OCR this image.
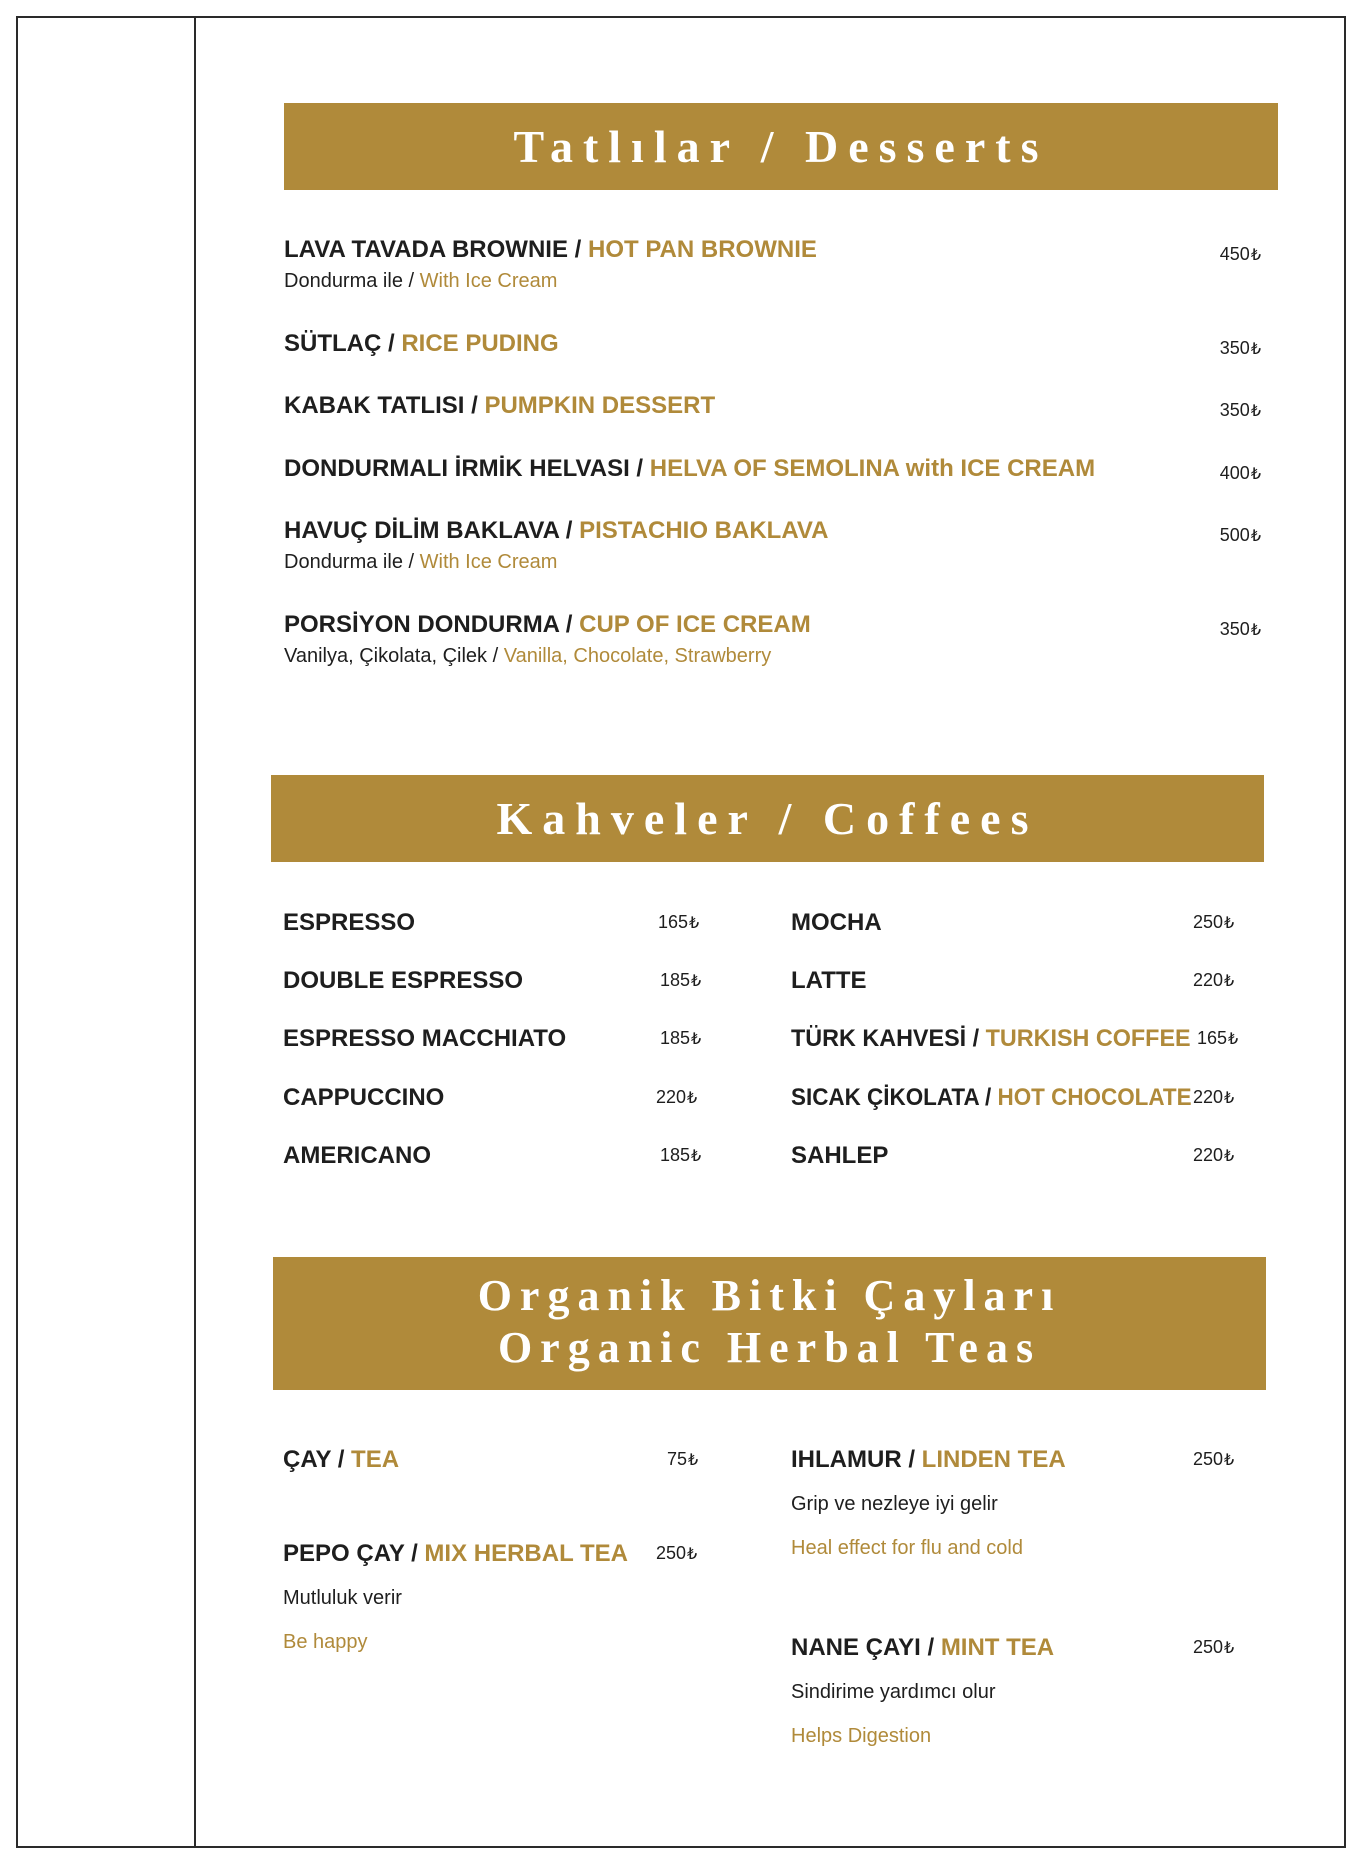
Tatlılar / Desserts
LAVA TAVADA BROWNIE / HOT PAN BROWNIE
Dondurma ile / With Ice Cream
450₺
SÜTLAÇ / RICE PUDING	350₺
KABAK TATLISI / PUMPKIN DESSERT	350₺
DONDURMALI İRMİK HELVASI / HELVA OF SEMOLINA with ICE CREAM	400₺
HAVUÇ DİLİM BAKLAVA / PISTACHIO BAKLAVA
Dondurma ile / With Ice Cream
500₺
PORSİYON DONDURMA / CUP OF ICE CREAM
Vanilya, Çikolata, Çilek / Vanilla, Chocolate, Strawberry
350₺
Kahveler / Coffees
ESPRESSO	165₺
DOUBLE ESPRESSO	185₺
ESPRESSO MACCHIATO	185₺
CAPPUCCINO	220₺
AMERICANO	185₺
MOCHA	250₺
LATTE	220₺
TÜRK KAHVESİ / TURKISH COFFEE 165₺
SICAK ÇİKOLATA / HOT CHOCOLATE 220₺
SAHLEP	220₺
Organik Bitki Çayları
Organic Herbal Teas
ÇAY / TEA	75₺
PEPO ÇAY / MIX HERBAL TEA
Mutluluk verir
Be happy
250₺
IHLAMUR / LINDEN TEA
Grip ve nezleye iyi gelir
Heal effect for flu and cold
250₺
NANE ÇAYI / MINT TEA
Sindirime yardımcı olur
Helps Digestion
250₺
